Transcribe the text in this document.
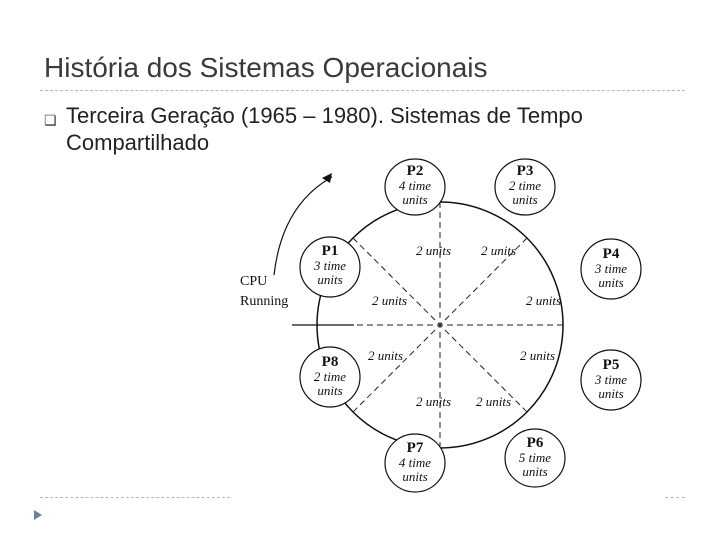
História dos Sistemas Operacionais
❏ Terceira Geração (1965 – 1980). Sistemas de Tempo Compartilhado
CPU
Running
P1
3 time
units
P2
4 time
units
P3
2 time
units
P4
3 time
units
P5
3 time
units
P6
5 time
units
P7
4 time
units
P8
2 time
units
2 units 2 units
2 units	2 units
2 units	2 units
2 units 2 units
